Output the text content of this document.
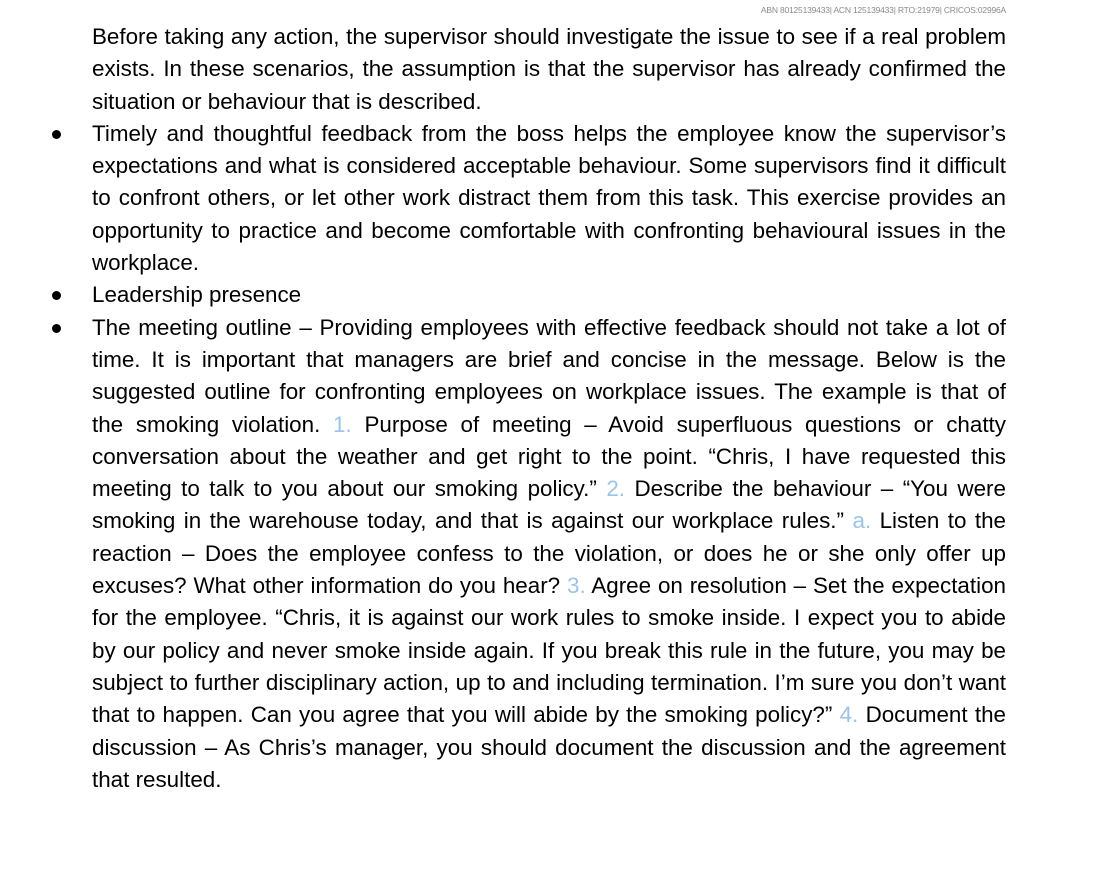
ABN 80125139433| ACN 125139433| RTO:21979| CRICOS:02996A

Before taking any action, the supervisor should investigate the issue to see if a real problem exists. In these scenarios, the assumption is that the supervisor has already confirmed the situation or behaviour that is described.

Timely and thoughtful feedback from the boss helps the employee know the supervisor’s expectations and what is considered acceptable behaviour. Some supervisors find it difficult to confront others, or let other work distract them from this task. This exercise provides an opportunity to practice and become comfortable with confronting behavioural issues in the workplace.
Leadership presence
The meeting outline – Providing employees with effective feedback should not take a lot of time. It is important that managers are brief and concise in the message. Below is the suggested outline for confronting employees on workplace issues. The example is that of the smoking violation. 1. Purpose of meeting – Avoid superfluous questions or chatty conversation about the weather and get right to the point. “Chris, I have requested this meeting to talk to you about our smoking policy.” 2. Describe the behaviour – “You were smoking in the warehouse today, and that is against our workplace rules.” a. Listen to the reaction – Does the employee confess to the violation, or does he or she only offer up excuses? What other information do you hear? 3. Agree on resolution – Set the expectation for the employee. “Chris, it is against our work rules to smoke inside. I expect you to abide by our policy and never smoke inside again. If you break this rule in the future, you may be subject to further disciplinary action, up to and including termination. I’m sure you don’t want that to happen. Can you agree that you will abide by the smoking policy?” 4. Document the discussion – As Chris’s manager, you should document the discussion and the agreement that resulted.
